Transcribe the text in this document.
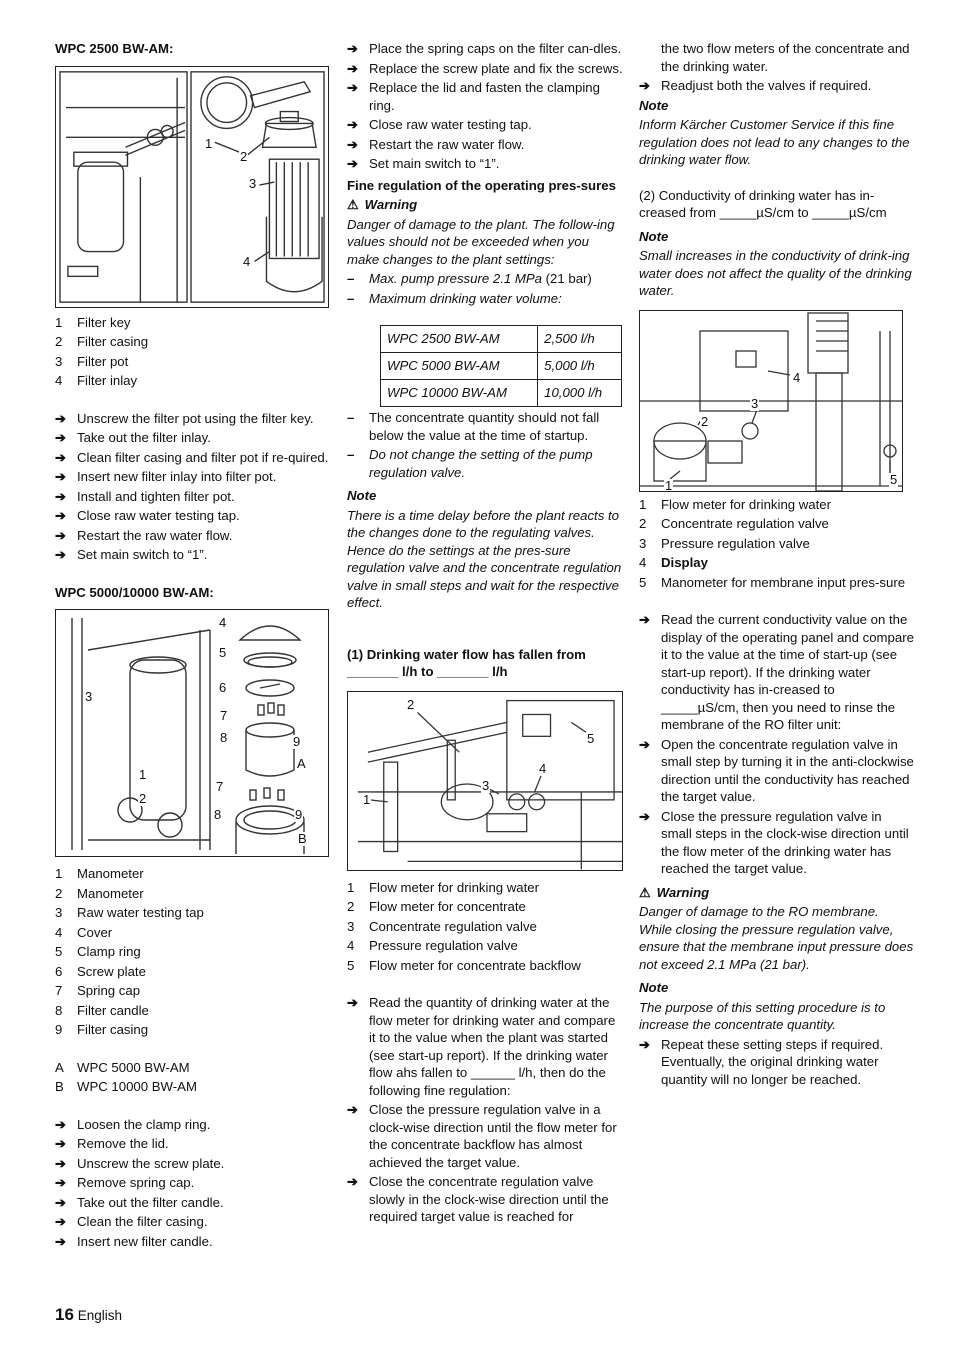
WPC 2500 BW-AM:
1
2
3
4
1	Filter key
2	Filter casing
3	Filter pot
4	Filter inlay
➔ Unscrew the filter pot using the filter key.
➔ Take out the filter inlay.
➔ Clean filter casing and filter pot if re-quired.
➔ Insert new filter inlay into filter pot.
➔ Install and tighten filter pot.
➔ Close raw water testing tap.
➔ Restart the raw water flow.
➔ Set main switch to “1”.
WPC 5000/10000 BW-AM:
4
5
6
7
8	9
A
3
1
2
7
8	9
B
1	Manometer
2	Manometer
3	Raw water testing tap
4	Cover
5	Clamp ring
6	Screw plate
7	Spring cap
8	Filter candle
9	Filter casing
A	WPC 5000 BW-AM
B	WPC 10000 BW-AM
➔ Loosen the clamp ring.
➔ Remove the lid.
➔ Unscrew the screw plate.
➔ Remove spring cap.
➔ Take out the filter candle.
➔ Clean the filter casing.
➔ Insert new filter candle.
➔ Place the spring caps on the filter can-dles.
➔ Replace the screw plate and fix the screws.
➔ Replace the lid and fasten the clamping ring.
➔ Close raw water testing tap.
➔ Restart the raw water flow.
➔ Set main switch to “1”.
Fine regulation of the operating pres-sures
⚠ Warning
Danger of damage to the plant. The follow-ing values should not be exceeded when you make changes to the plant settings:
–	Max. pump pressure 2.1 MPa (21 bar)
–	Maximum drinking water volume:
WPC 2500 BW-AM	2,500 l/h
WPC 5000 BW-AM	5,000 l/h
WPC 10000 BW-AM	10,000 l/h
–	The concentrate quantity should not fall below the value at the time of startup.
–	Do not change the setting of the pump regulation valve.
Note
There is a time delay before the plant reacts to the changes done to the regulating valves. Hence do the settings at the pres-sure regulation valve and the concentrate regulation valve in small steps and wait for the respective effect.
(1) Drinking water flow has fallen from _______ l/h to _______ l/h
2
5
4
3
1
1	Flow meter for drinking water
2	Flow meter for concentrate
3	Concentrate regulation valve
4	Pressure regulation valve
5	Flow meter for concentrate backflow
➔ Read the quantity of drinking water at the flow meter for drinking water and compare it to the value when the plant was started (see start-up report). If the drinking water flow ahs fallen to ______ l/h, then do the following fine regulation:
➔ Close the pressure regulation valve in a clock-wise direction until the flow meter for the concentrate backflow has almost achieved the target value.
➔ Close the concentrate regulation valve slowly in the clock-wise direction until the required target value is reached for
the two flow meters of the concentrate and the drinking water.
➔ Readjust both the valves if required.
Note
Inform Kärcher Customer Service if this fine regulation does not lead to any changes to the drinking water flow.
(2) Conductivity of drinking water has in-creased from _____µS/cm to _____µS/cm
Note
Small increases in the conductivity of drink-ing water does not affect the quality of the drinking water.
4
3
2
1	5
1	Flow meter for drinking water
2	Concentrate regulation valve
3	Pressure regulation valve
4	Display
5	Manometer for membrane input pres-sure
➔ Read the current conductivity value on the display of the operating panel and compare it to the value at the time of start-up (see start-up report). If the drinking water conductivity has in-creased to _____µS/cm, then you need to rinse the membrane of the RO filter unit:
➔ Open the concentrate regulation valve in small step by turning it in the anti-clockwise direction until the conductivity has reached the target value.
➔ Close the pressure regulation valve in small steps in the clock-wise direction until the flow meter of the drinking water has reached the target value.
⚠ Warning
Danger of damage to the RO membrane. While closing the pressure regulation valve, ensure that the membrane input pressure does not exceed 2.1 MPa (21 bar).
Note
The purpose of this setting procedure is to increase the concentrate quantity.
➔ Repeat these setting steps if required. Eventually, the original drinking water quantity will no longer be reached.
16 English
